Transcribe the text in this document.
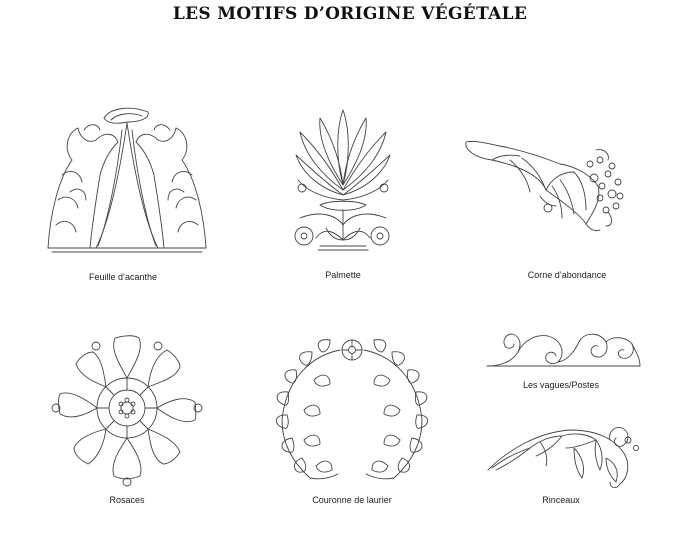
LES MOTIFS D’ORIGINE VÉGÉTALE
Feuille d’acanthe	Palmette	Corne d’abondance
Rosaces	Couronne de laurier
Les vagues/Postes
Rinceaux
